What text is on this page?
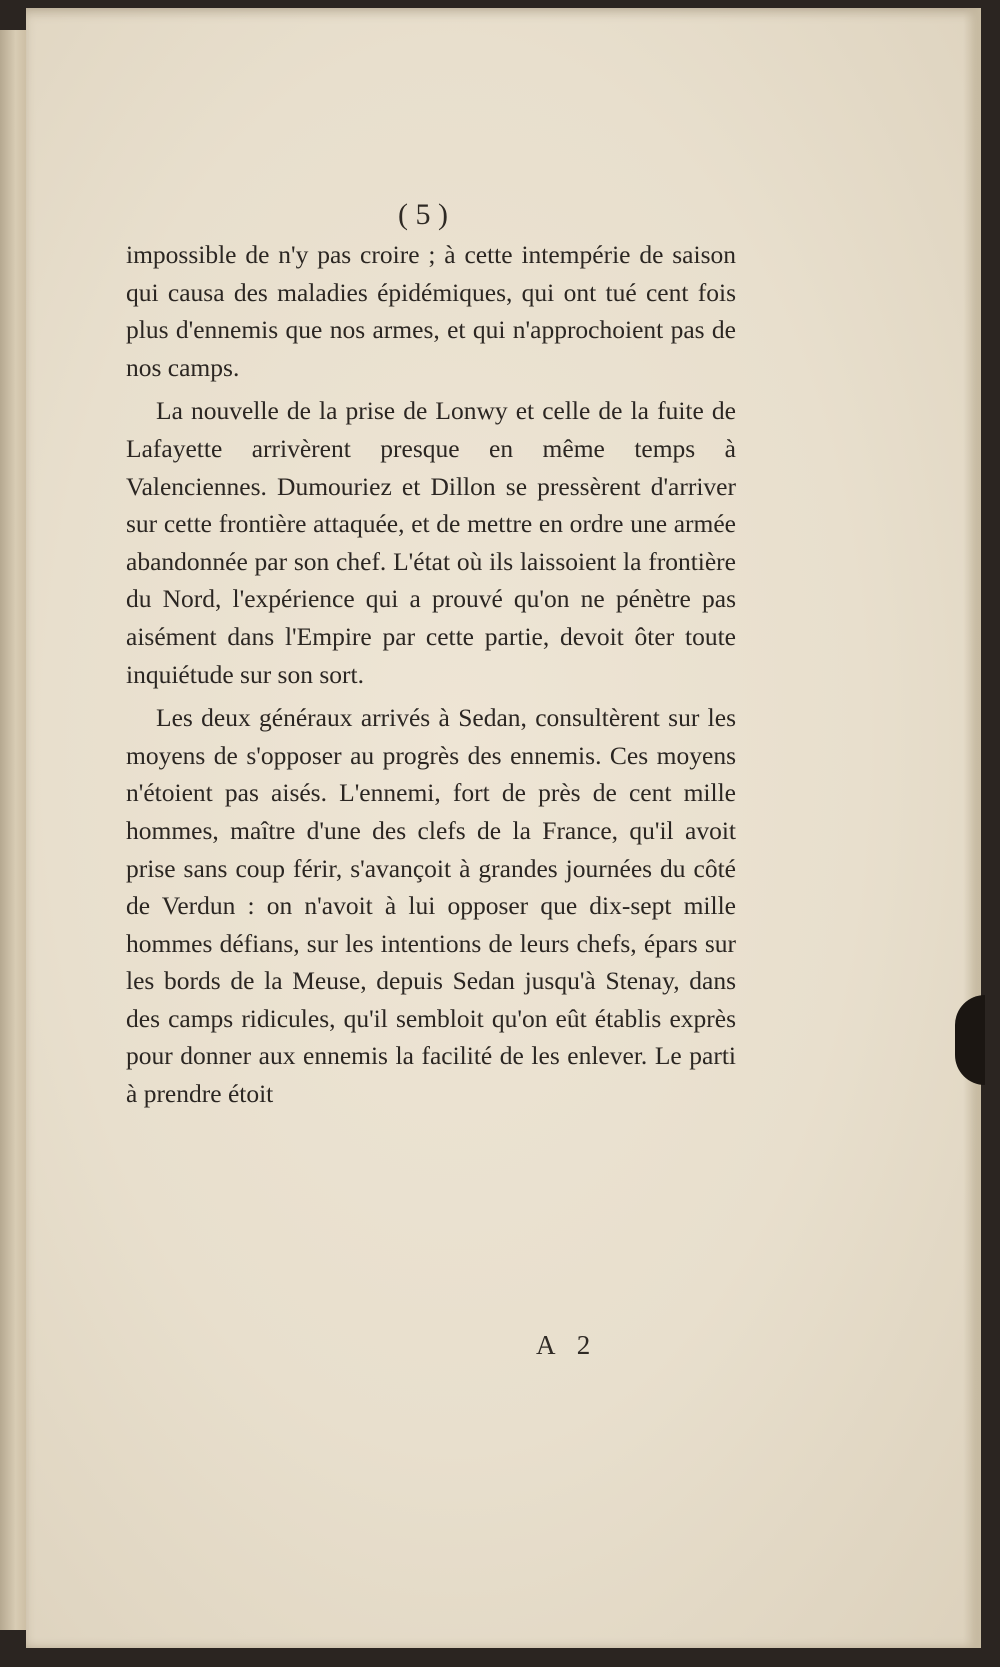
( 5 )

impossible de n'y pas croire ; à cette intempérie de saison qui causa des maladies épidémiques, qui ont tué cent fois plus d'ennemis que nos armes, et qui n'approchoient pas de nos camps.

La nouvelle de la prise de Lonwy et celle de la fuite de Lafayette arrivèrent presque en même temps à Valenciennes. Dumouriez et Dillon se pressèrent d'arriver sur cette frontière attaquée, et de mettre en ordre une armée abandonnée par son chef. L'état où ils laissoient la frontière du Nord, l'expérience qui a prouvé qu'on ne pénètre pas aisément dans l'Empire par cette partie, devoit ôter toute inquiétude sur son sort.

Les deux généraux arrivés à Sedan, consultèrent sur les moyens de s'opposer au progrès des ennemis. Ces moyens n'étoient pas aisés. L'ennemi, fort de près de cent mille hommes, maître d'une des clefs de la France, qu'il avoit prise sans coup férir, s'avançoit à grandes journées du côté de Verdun : on n'avoit à lui opposer que dix-sept mille hommes défians, sur les intentions de leurs chefs, épars sur les bords de la Meuse, depuis Sedan jusqu'à Stenay, dans des camps ridicules, qu'il sembloit qu'on eût établis exprès pour donner aux ennemis la facilité de les enlever. Le parti à prendre étoit

A 2
